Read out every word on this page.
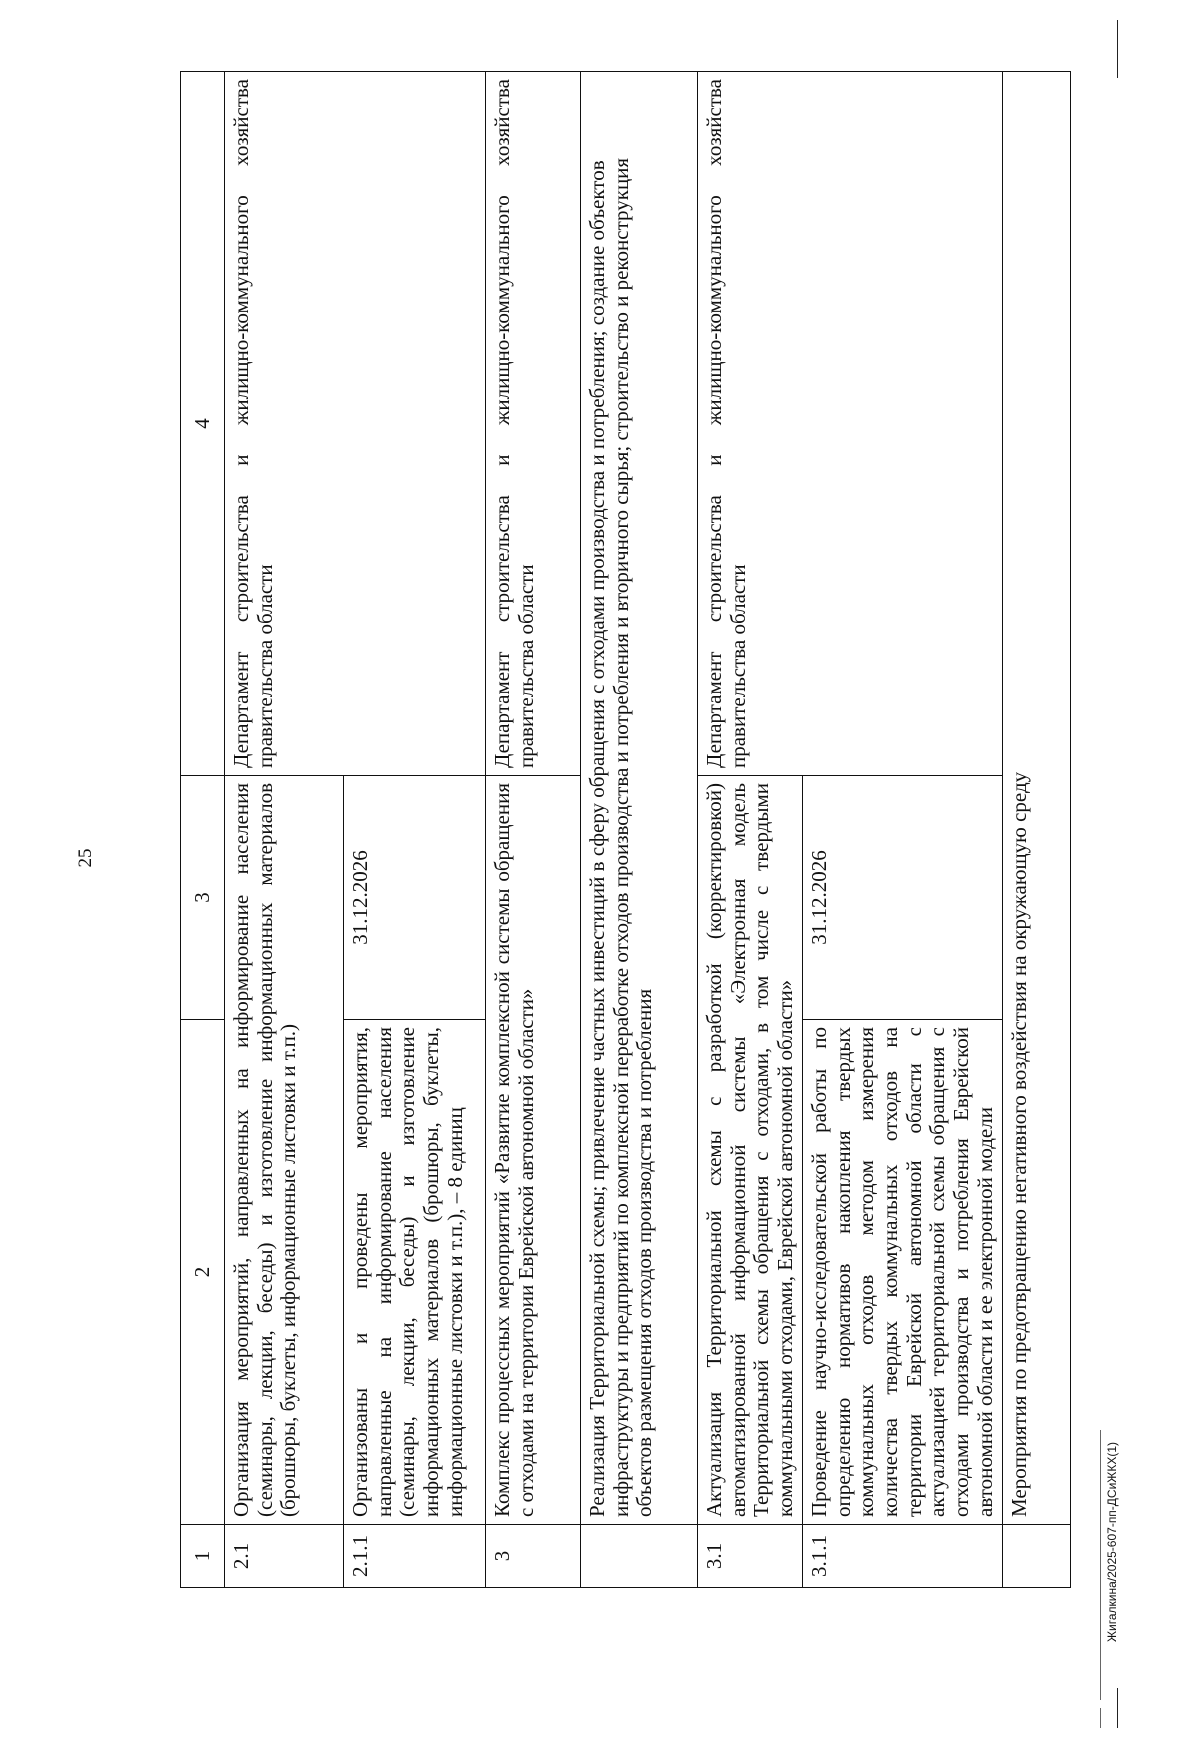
25
1	2	3	4
2.1	Организация мероприятий, направленных на информирование населения (семинары, лекции, беседы) и изготовление информационных материалов (брошюры, буклеты, информационные листовки и т.п.)		Департамент строительства и жилищно-коммунального хозяйства правительства области
2.1.1	Организованы и проведены мероприятия, направленные на информирование населения (семинары, лекции, беседы) и изготовление информационных материалов (брошюры, буклеты, информационные листовки и т.п.), – 8 единиц	31.12.2026	
3	Комплекс процессных мероприятий «Развитие комплексной системы обращения с отходами на территории Еврейской автономной области»		Департамент строительства и жилищно-коммунального хозяйства правительства области
	Реализация Территориальной схемы; привлечение частных инвестиций в сферу обращения с отходами производства и потребления; создание объектов инфраструктуры и предприятий по комплексной переработке отходов производства и потребления и вторичного сырья; строительство и реконструкция объектов размещения отходов производства и потребления		
3.1	Актуализация Территориальной схемы с разработкой (корректировкой) автоматизированной информационной системы «Электронная модель Территориальной схемы обращения с отходами, в том числе с твердыми коммунальными отходами, Еврейской автономной области»		Департамент строительства и жилищно-коммунального хозяйства правительства области
3.1.1	Проведение научно-исследовательской работы по определению нормативов накопления твердых коммунальных отходов методом измерения количества твердых коммунальных отходов на территории Еврейской автономной области с актуализацией территориальной схемы обращения с отходами производства и потребления Еврейской автономной области и ее электронной модели	31.12.2026	
	Мероприятия по предотвращению негативного воздействия на окружающую среду		
Жигалкина/2025-607-пп-ДСиЖКХ(1)
